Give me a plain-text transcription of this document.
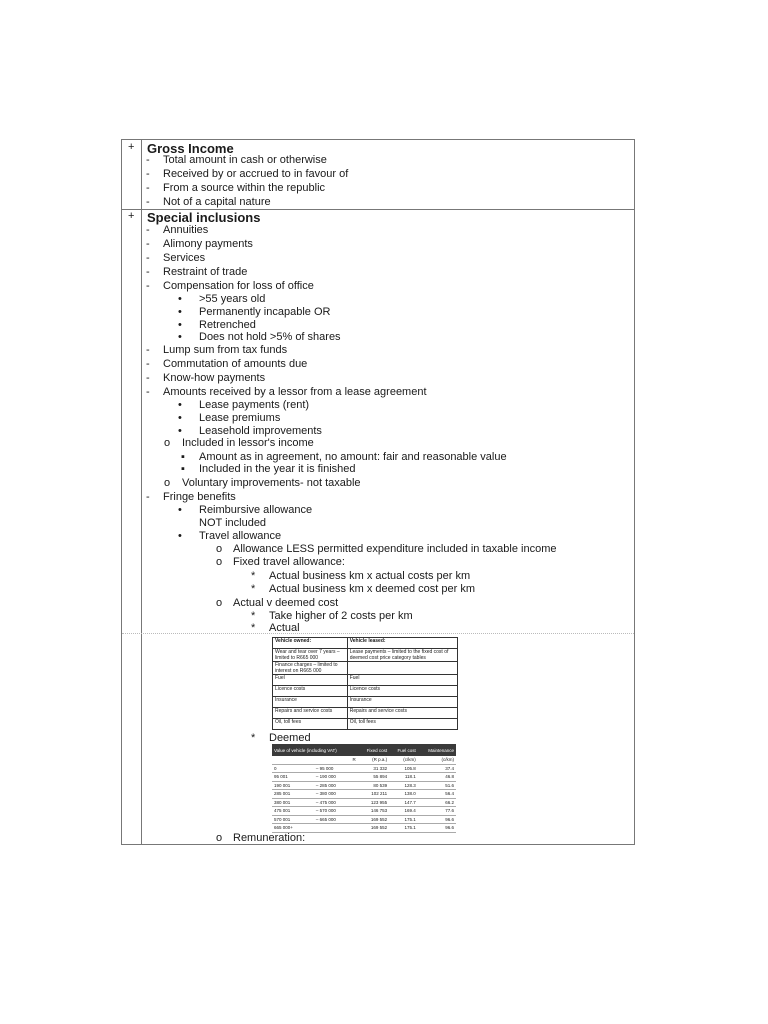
+ Gross Income
+ Special inclusions
Vehicle owned:	Vehicle leased:
Wear and tear over 7 years – limited to R665 000	Lease payments – limited to the fixed cost of deemed cost price category tables
Finance charges – limited to interest on R665 000	
Fuel	Fuel
Licence costs	Licence costs
Insurance	Insurance
Repairs and service costs	Repairs and service costs
Oil, toll fees	Oil, toll fees
Value of vehicle (including VAT)		Fixed cost	Fuel cost	Maintenance
R		(R p.a.)	(c/km)	(c/km)
0	– 95 000	31 332	105.8	37.4
95 001	– 190 000	55 894	118.1	46.8
190 001	– 285 000	80 539	128.3	51.6
285 001	– 380 000	102 211	138.0	56.4
380 001	– 475 000	123 955	147.7	66.2
475 001	– 570 000	146 753	169.4	77.6
570 001	– 665 000	169 552	175.1	96.6
665 000+		169 552	175.1	96.6
- Total amount in cash or otherwise
- Received by or accrued to in favour of
- From a source within the republic
- Not of a capital nature
- Annuities
- Alimony payments
- Services
- Restraint of trade
- Compensation for loss of office
• >55 years old
• Permanently incapable OR
• Retrenched
• Does not hold >5% of shares
- Lump sum from tax funds
- Commutation of amounts due
- Know-how payments
- Amounts received by a lessor from a lease agreement
• Lease payments (rent)
• Lease premiums
• Leasehold improvements
o Included in lessor's income
▪ Amount as in agreement, no amount: fair and reasonable value
▪ Included in the year it is finished
o Voluntary improvements- not taxable
- Fringe benefits
• Reimbursive allowance
NOT included
• Travel allowance
o Allowance LESS permitted expenditure included in taxable income
o Fixed travel allowance:
* Actual business km x actual costs per km
* Actual business km x deemed cost per km
o Actual v deemed cost
* Take higher of 2 costs per km
* Actual
* Deemed
o Remuneration:
